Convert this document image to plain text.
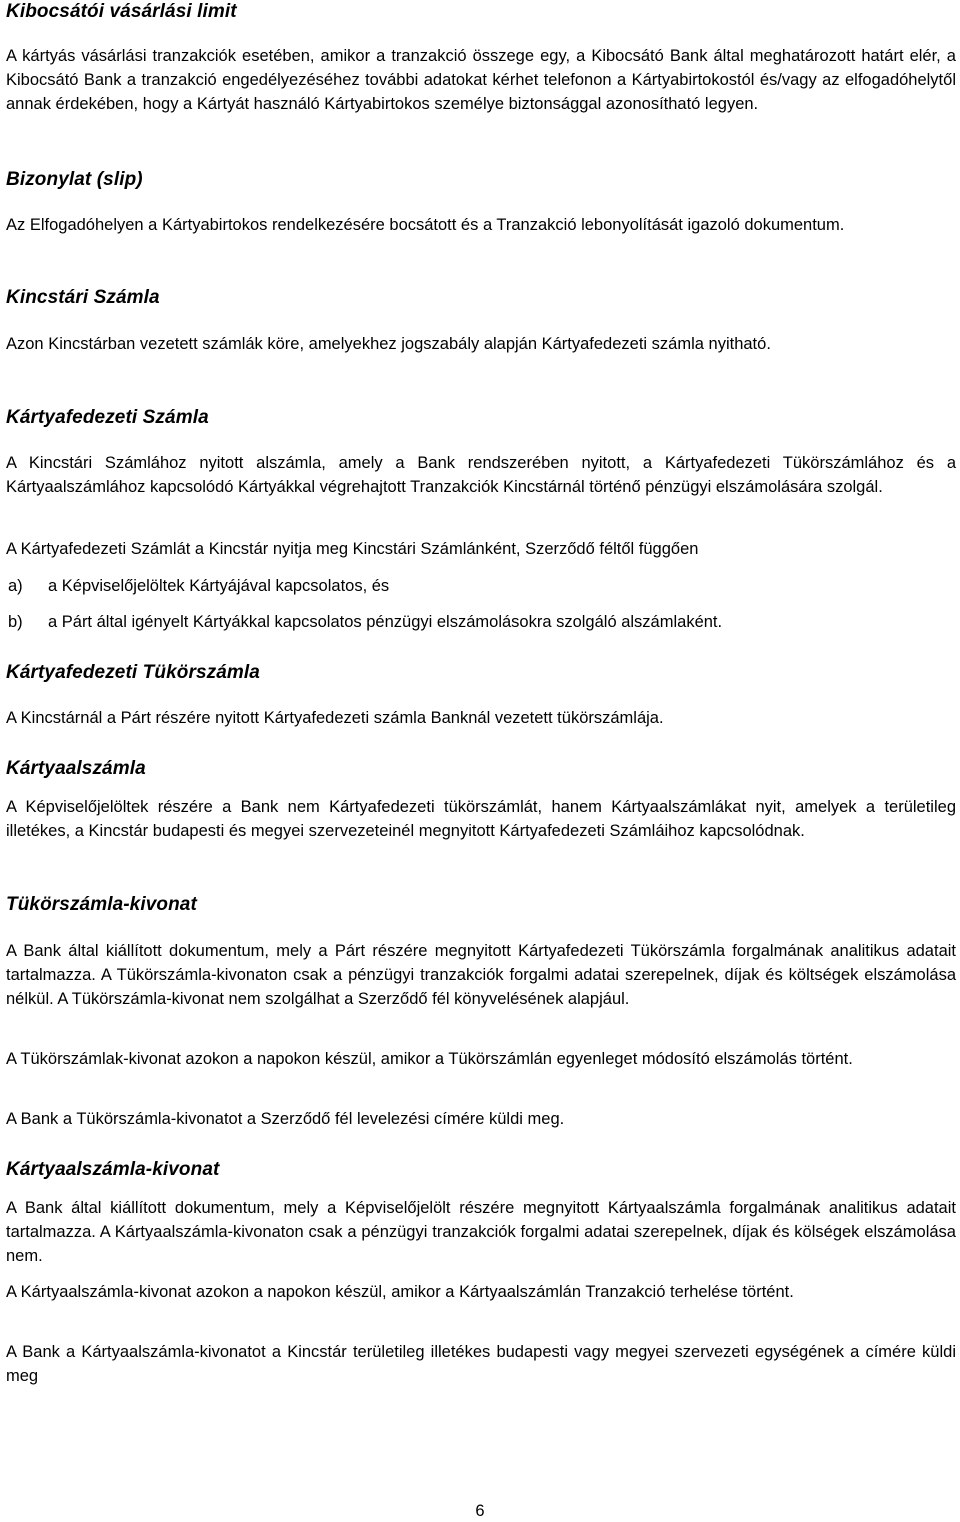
Kibocsátói vásárlási limit

A kártyás vásárlási tranzakciók esetében, amikor a tranzakció összege egy, a Kibocsátó Bank által meghatározott határt elér, a Kibocsátó Bank a tranzakció engedélyezéséhez további adatokat kérhet telefonon a Kártyabirtokostól és/vagy az elfogadóhelytől annak érdekében, hogy a Kártyát használó Kártyabirtokos személye biztonsággal azonosítható legyen.

Bizonylat (slip)

Az Elfogadóhelyen a Kártyabirtokos rendelkezésére bocsátott és a Tranzakció lebonyolítását igazoló dokumentum.

Kincstári Számla

Azon Kincstárban vezetett számlák köre, amelyekhez jogszabály alapján Kártyafedezeti számla nyitható.

Kártyafedezeti Számla

A Kincstári Számlához nyitott alszámla, amely a Bank rendszerében nyitott, a Kártyafedezeti Tükörszámlához és a Kártyaalszámlához kapcsolódó Kártyákkal végrehajtott Tranzakciók Kincstárnál történő pénzügyi elszámolására szolgál.

A Kártyafedezeti Számlát a Kincstár nyitja meg Kincstári Számlánként, Szerződő féltől függően

a)	a Képviselőjelöltek Kártyájával kapcsolatos, és
b)	a Párt által igényelt Kártyákkal kapcsolatos pénzügyi elszámolásokra szolgáló alszámlaként.
Kártyafedezeti Tükörszámla

A Kincstárnál a Párt részére nyitott Kártyafedezeti számla Banknál vezetett tükörszámlája.

Kártyaalszámla

A Képviselőjelöltek részére a Bank nem Kártyafedezeti tükörszámlát, hanem Kártyaalszámlákat nyit, amelyek a területileg illetékes, a Kincstár budapesti és megyei szervezeteinél megnyitott Kártyafedezeti Számláihoz kapcsolódnak.

Tükörszámla-kivonat

A Bank által kiállított dokumentum, mely a Párt részére megnyitott Kártyafedezeti Tükörszámla forgalmának analitikus adatait tartalmazza. A Tükörszámla-kivonaton csak a pénzügyi tranzakciók forgalmi adatai szerepelnek, díjak és költségek elszámolása nélkül. A Tükörszámla-kivonat nem szolgálhat a Szerződő fél könyvelésének alapjául.

A Tükörszámlak-kivonat azokon a napokon készül, amikor a Tükörszámlán egyenleget módosító elszámolás történt.

A Bank a Tükörszámla-kivonatot a Szerződő fél levelezési címére küldi meg.

Kártyaalszámla-kivonat

A Bank által kiállított dokumentum, mely a Képviselőjelölt részére megnyitott Kártyaalszámla forgalmának analitikus adatait tartalmazza. A Kártyaalszámla-kivonaton csak a pénzügyi tranzakciók forgalmi adatai szerepelnek, díjak és kölségek elszámolása nem.

A Kártyaalszámla-kivonat azokon a napokon készül, amikor a Kártyaalszámlán Tranzakció terhelése történt.

A Bank a Kártyaalszámla-kivonatot a Kincstár területileg illetékes budapesti vagy megyei szervezeti egységének a címére küldi meg

6
